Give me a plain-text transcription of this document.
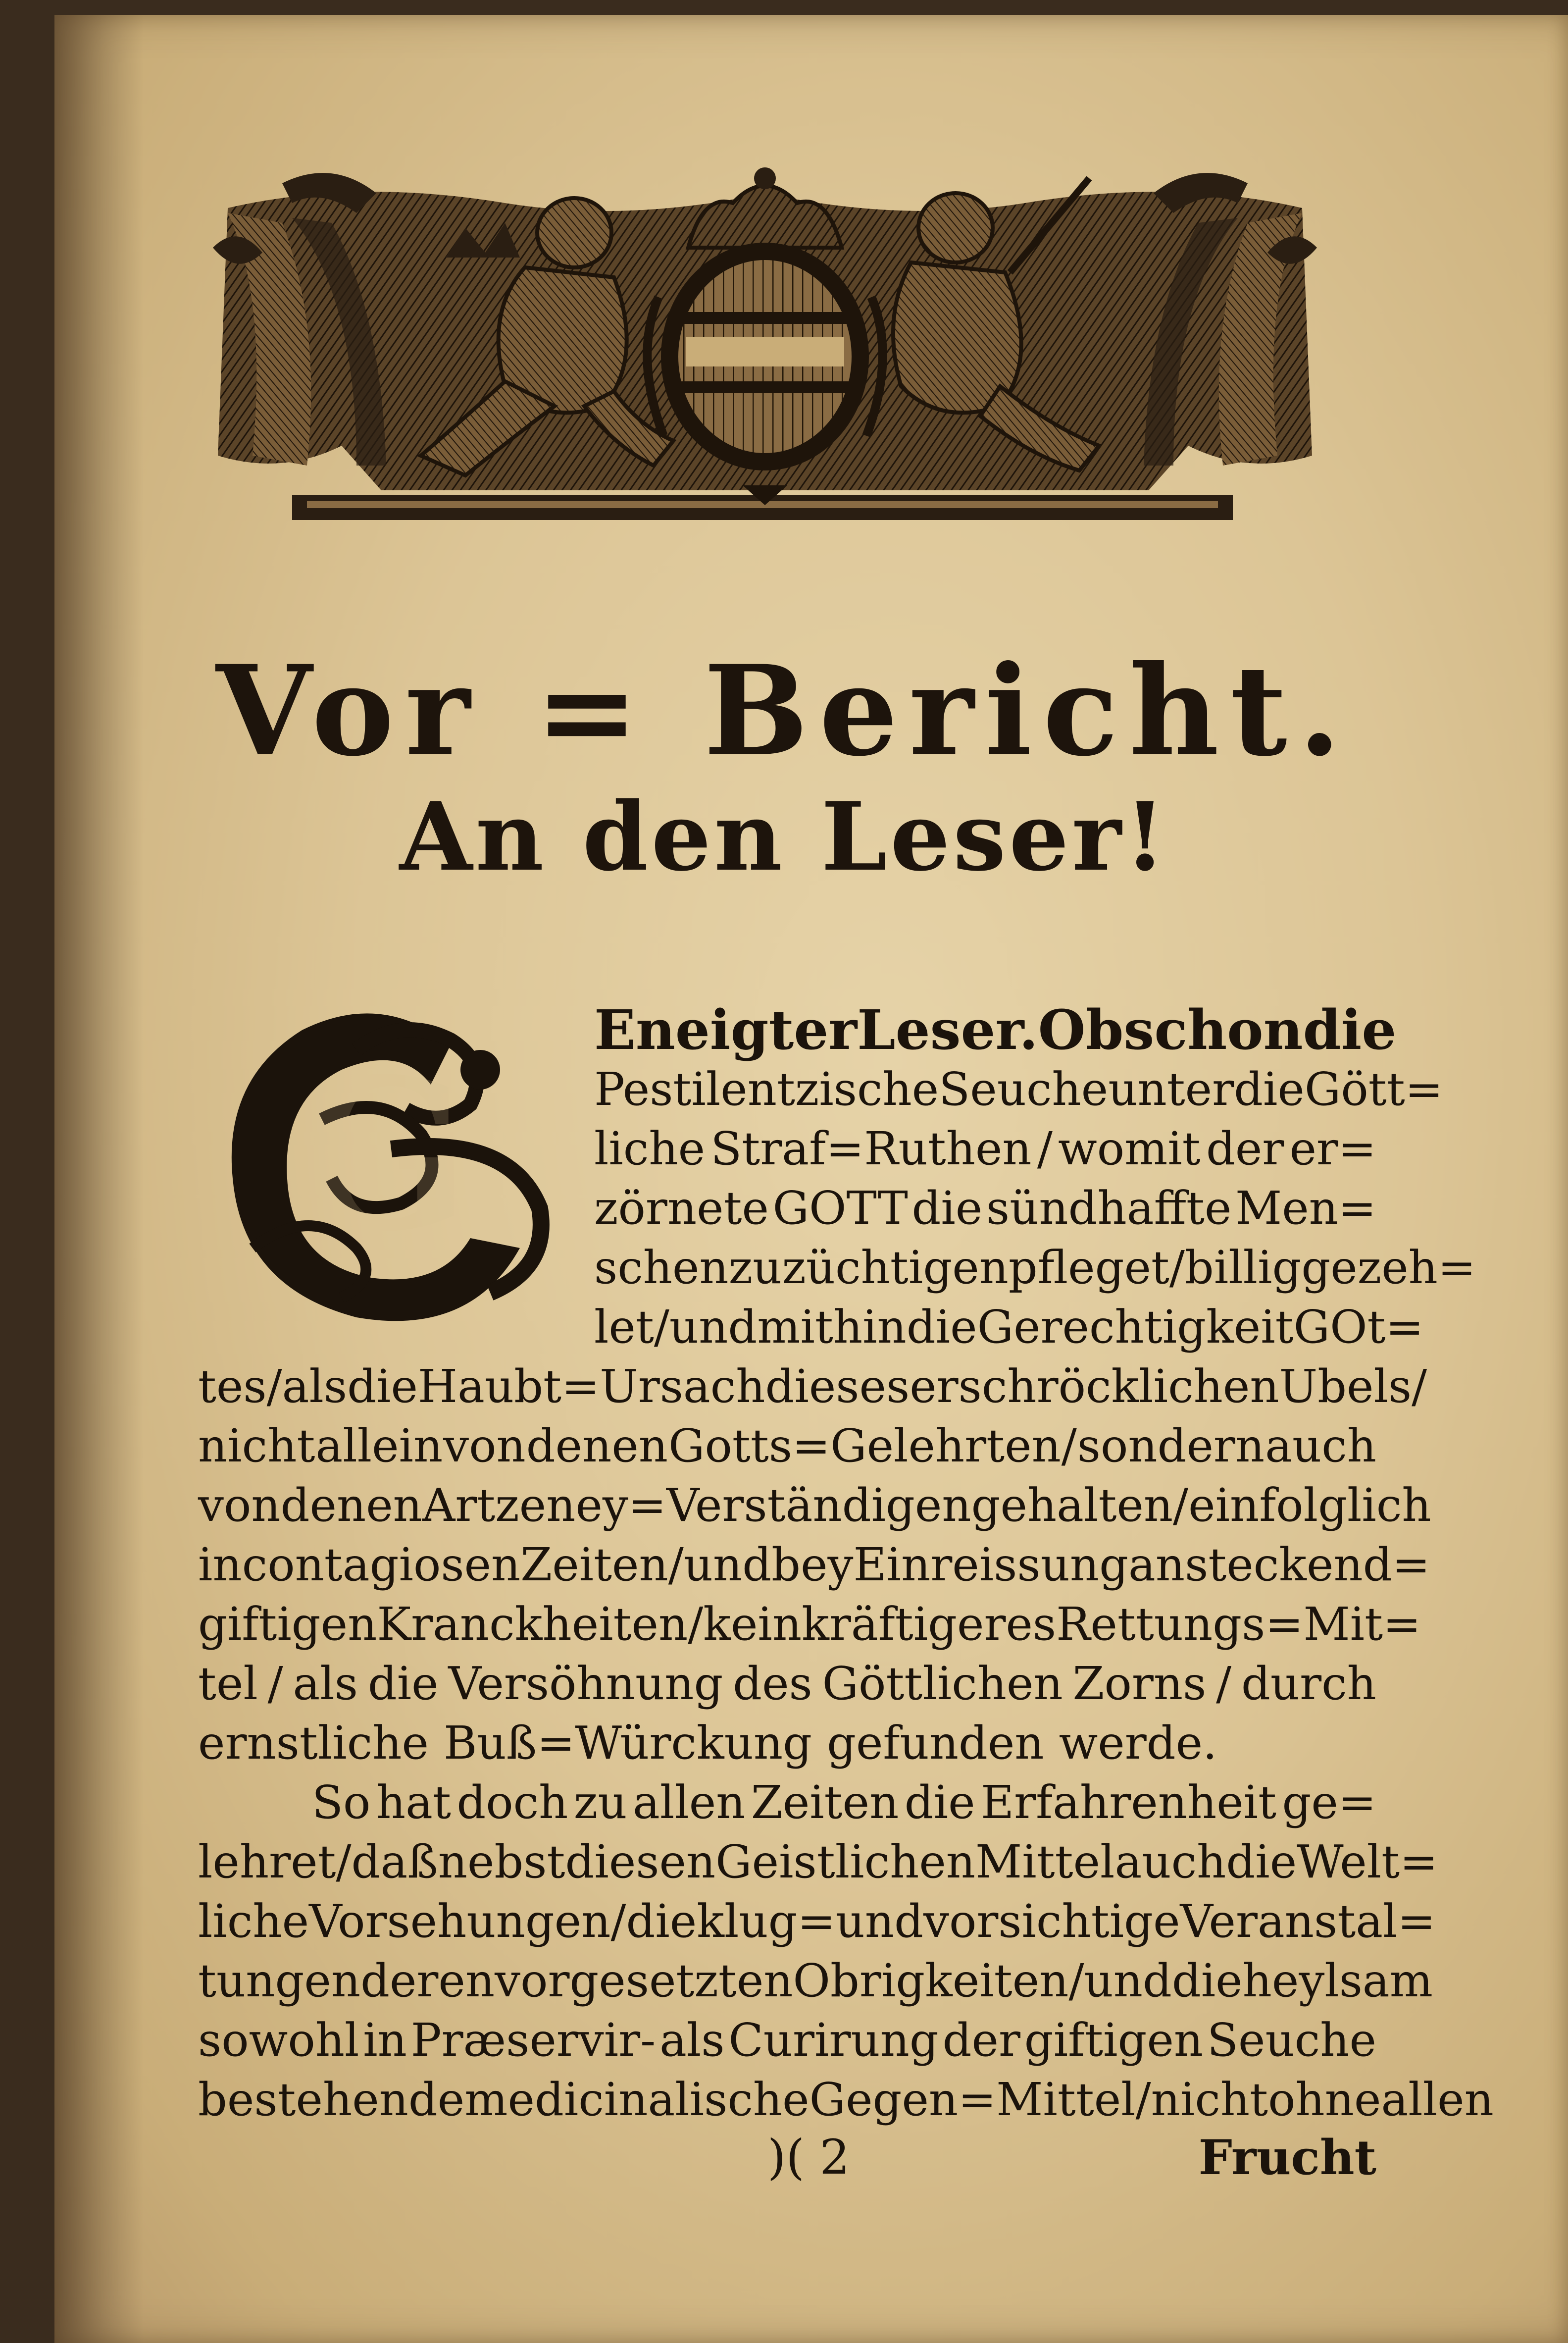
Vor = Bericht.
An den Leser!
G
Eneigter Leser. Obschon die
Pestilentzische Seuche unter die Gött=
liche Straf=Ruthen / womit der er=
zörnete GOTT die sündhaffte Men=
schen zu züchtigen pfleget / billig gezeh=
let / und mithin die Gerechtigkeit GOt=
tes / als die Haubt=Ursach dieses erschröcklichen Ubels /
nicht allein von denen Gotts=Gelehrten / sondern auch
von denen Artzeney=Verständigen gehalten / einfolglich
in contagiosen Zeiten / und bey Einreissung ansteckend=
giftigen Kranckheiten / kein kräftigeres Rettungs=Mit=
tel / als die Versöhnung des Göttlichen Zorns / durch
ernstliche Buß=Würckung gefunden werde.
So hat doch zu allen Zeiten die Erfahrenheit ge=
lehret / daß nebst diesen Geistlichen Mittel auch die Welt=
liche Vorsehungen / die klug= und vorsichtige Veranstal=
tungen deren vorgesetzten Obrigkeiten / und die heylsam
sowohl in Præservir- als Curirung der giftigen Seuche
bestehende medicinalische Gegen=Mittel / nicht ohne allen
)( 2	Frucht
